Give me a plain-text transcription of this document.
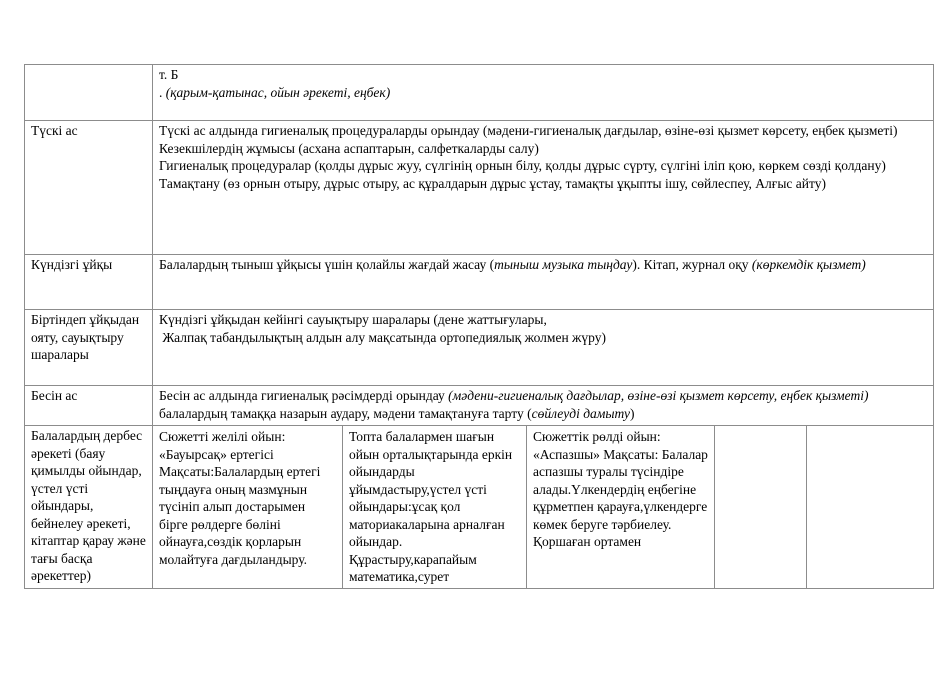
	т. Б
. (қарым-қатынас, ойын әрекеті, еңбек)				

Түскі ас	Түскі ас алдында гигиеналық процедураларды орындау (мәдени-гигиеналық дағдылар, өзіне-өзі қызмет көрсету, еңбек қызметі)
Кезекшілердің жұмысы (асхана аспаптарын, салфеткаларды салу)
Гигиеналық процедуралар (қолды дұрыс жуу, сүлгінің орнын білу, қолды дұрыс сүрту, сүлгіні іліп қою, көркем сөзді қолдану)
Тамақтану (өз орнын отыру, дұрыс отыру, ас құралдарын дұрыс ұстау, тамақты ұқыпты ішу, сөйлеспеу, Алғыс айту)				

Күндізгі ұйқы	Балалардың тыныш ұйқысы үшін қолайлы жағдай жасау (тыныш музыка тыңдау). Кітап, журнал оқу (көркемдік қызмет)				
Біртіндеп ұйқыдан ояту, сауықтыру шаралары	Күндізгі ұйқыдан кейінгі сауықтыру шаралары (дене жаттығулары,
Жалпақ табандылықтың алдын алу мақсатында ортопедиялық жолмен жүру)				

Бесін ас	Бесін ас алдында гигиеналық рәсімдерді орындау (мәдени-гигиеналық дағдылар, өзіне-өзі қызмет көрсету, еңбек қызметі) балалардың тамаққа назарын аудару, мәдени тамақтануға тарту (сөйлеуді дамыту)				
Балалардың дербес әрекеті (баяу қимылды ойындар, үстел үсті ойындары, бейнелеу әрекеті, кітаптар қарау және тағы басқа әрекеттер)	Сюжетті желілі ойын: «Бауырсақ» ертегісі Мақсаты:Балалардың ертегі тыңдауға оның мазмұнын түсініп алып достарымен бірге рөлдерге бөліні ойнауға,сөздік қорларын молайтуға дағдыландыру.	Топта балалармен шағын ойын орталықтарында еркін ойындарды ұйымдастыру,үстел үсті ойындары:ұсақ қол маториакаларына арналған ойындар. Құрастыру,карапайым математика,сурет	Сюжеттік рөлді ойын: «Аспазшы» Мақсаты: Балалар аспазшы туралы түсіндіре алады.Үлкендердің еңбегіне құрметпен қарауға,үлкендерге көмек беруге тәрбиелеу. Қоршаған ортамен		
